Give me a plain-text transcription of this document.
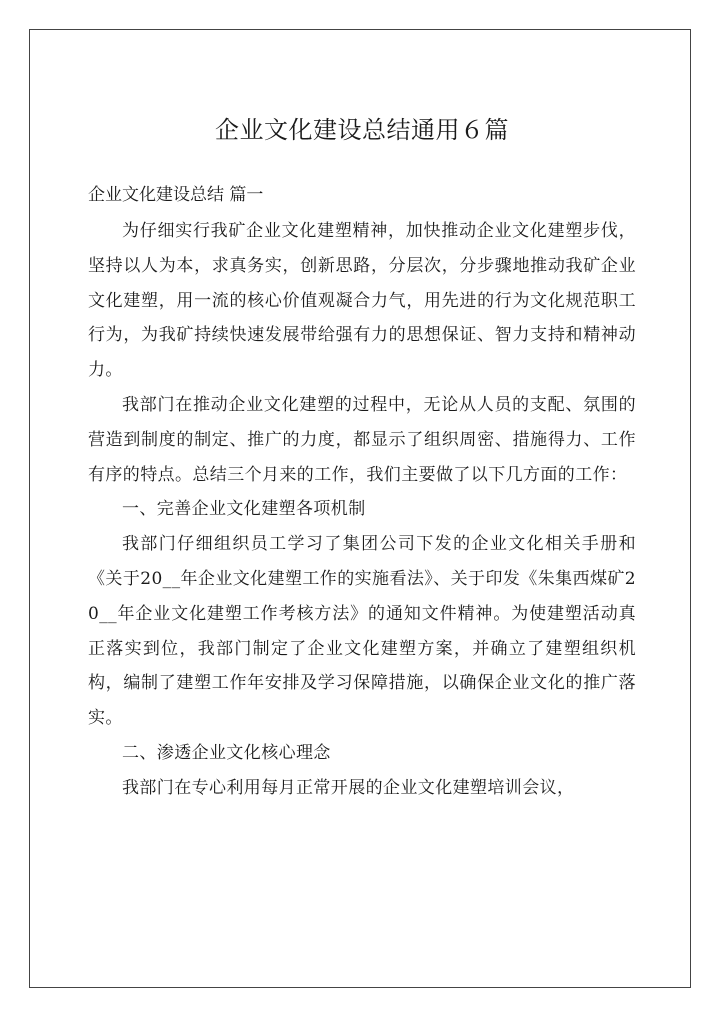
企业文化建设总结通用６篇

企业文化建设总结 篇一

为仔细实行我矿企业文化建塑精神，加快推动企业文化建塑步伐，坚持以人为本，求真务实，创新思路，分层次，分步骤地推动我矿企业文化建塑，用一流的核心价值观凝合力气，用先进的行为文化规范职工行为，为我矿持续快速发展带给强有力的思想保证、智力支持和精神动力。

我部门在推动企业文化建塑的过程中，无论从人员的支配、氛围的营造到制度的制定、推广的力度，都显示了组织周密、措施得力、工作有序的特点。总结三个月来的工作，我们主要做了以下几方面的工作：

一、完善企业文化建塑各项机制

我部门仔细组织员工学习了集团公司下发的企业文化相关手册和《关于20__年企业文化建塑工作的实施看法》、关于印发《朱集西煤矿20__年企业文化建塑工作考核方法》的通知文件精神。为使建塑活动真正落实到位，我部门制定了企业文化建塑方案，并确立了建塑组织机构，编制了建塑工作年安排及学习保障措施，以确保企业文化的推广落实。

二、渗透企业文化核心理念

我部门在专心利用每月正常开展的企业文化建塑培训会议，
